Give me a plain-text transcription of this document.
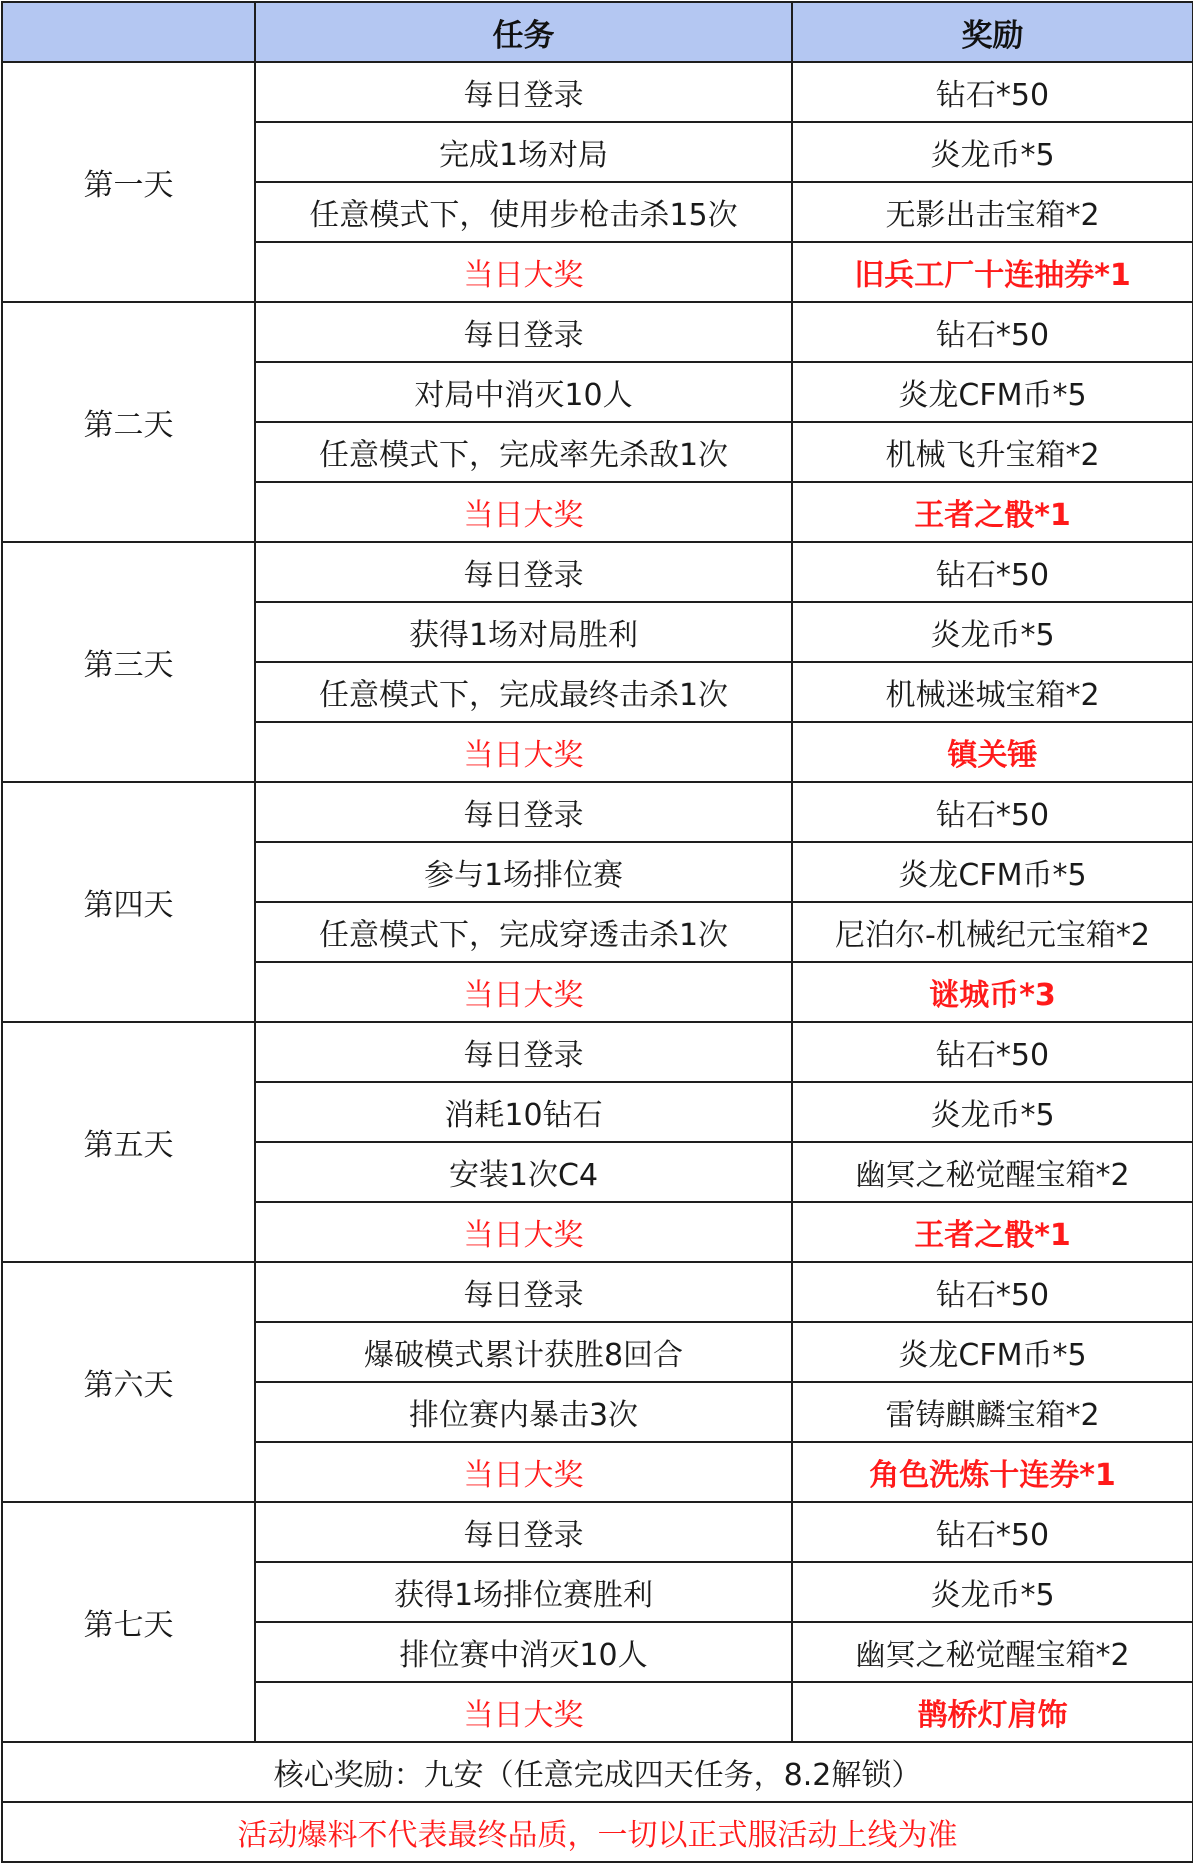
	任务	奖励
第一天	每日登录	钻石*50
	完成1场对局	炎龙币*5
	任意模式下，使用步枪击杀15次	无影出击宝箱*2
	当日大奖	旧兵工厂十连抽券*1
第二天	每日登录	钻石*50
	对局中消灭10人	炎龙CFM币*5
	任意模式下，完成率先杀敌1次	机械飞升宝箱*2
	当日大奖	王者之骰*1
第三天	每日登录	钻石*50
	获得1场对局胜利	炎龙币*5
	任意模式下，完成最终击杀1次	机械迷城宝箱*2
	当日大奖	镇关锤
第四天	每日登录	钻石*50
	参与1场排位赛	炎龙CFM币*5
	任意模式下，完成穿透击杀1次	尼泊尔-机械纪元宝箱*2
	当日大奖	谜城币*3
第五天	每日登录	钻石*50
	消耗10钻石	炎龙币*5
	安装1次C4	幽冥之秘觉醒宝箱*2
	当日大奖	王者之骰*1
第六天	每日登录	钻石*50
	爆破模式累计获胜8回合	炎龙CFM币*5
	排位赛内暴击3次	雷铸麒麟宝箱*2
	当日大奖	角色洗炼十连券*1
第七天	每日登录	钻石*50
	获得1场排位赛胜利	炎龙币*5
	排位赛中消灭10人	幽冥之秘觉醒宝箱*2
	当日大奖	鹊桥灯肩饰
核心奖励：九安（任意完成四天任务，8.2解锁）		
活动爆料不代表最终品质，一切以正式服活动上线为准		
